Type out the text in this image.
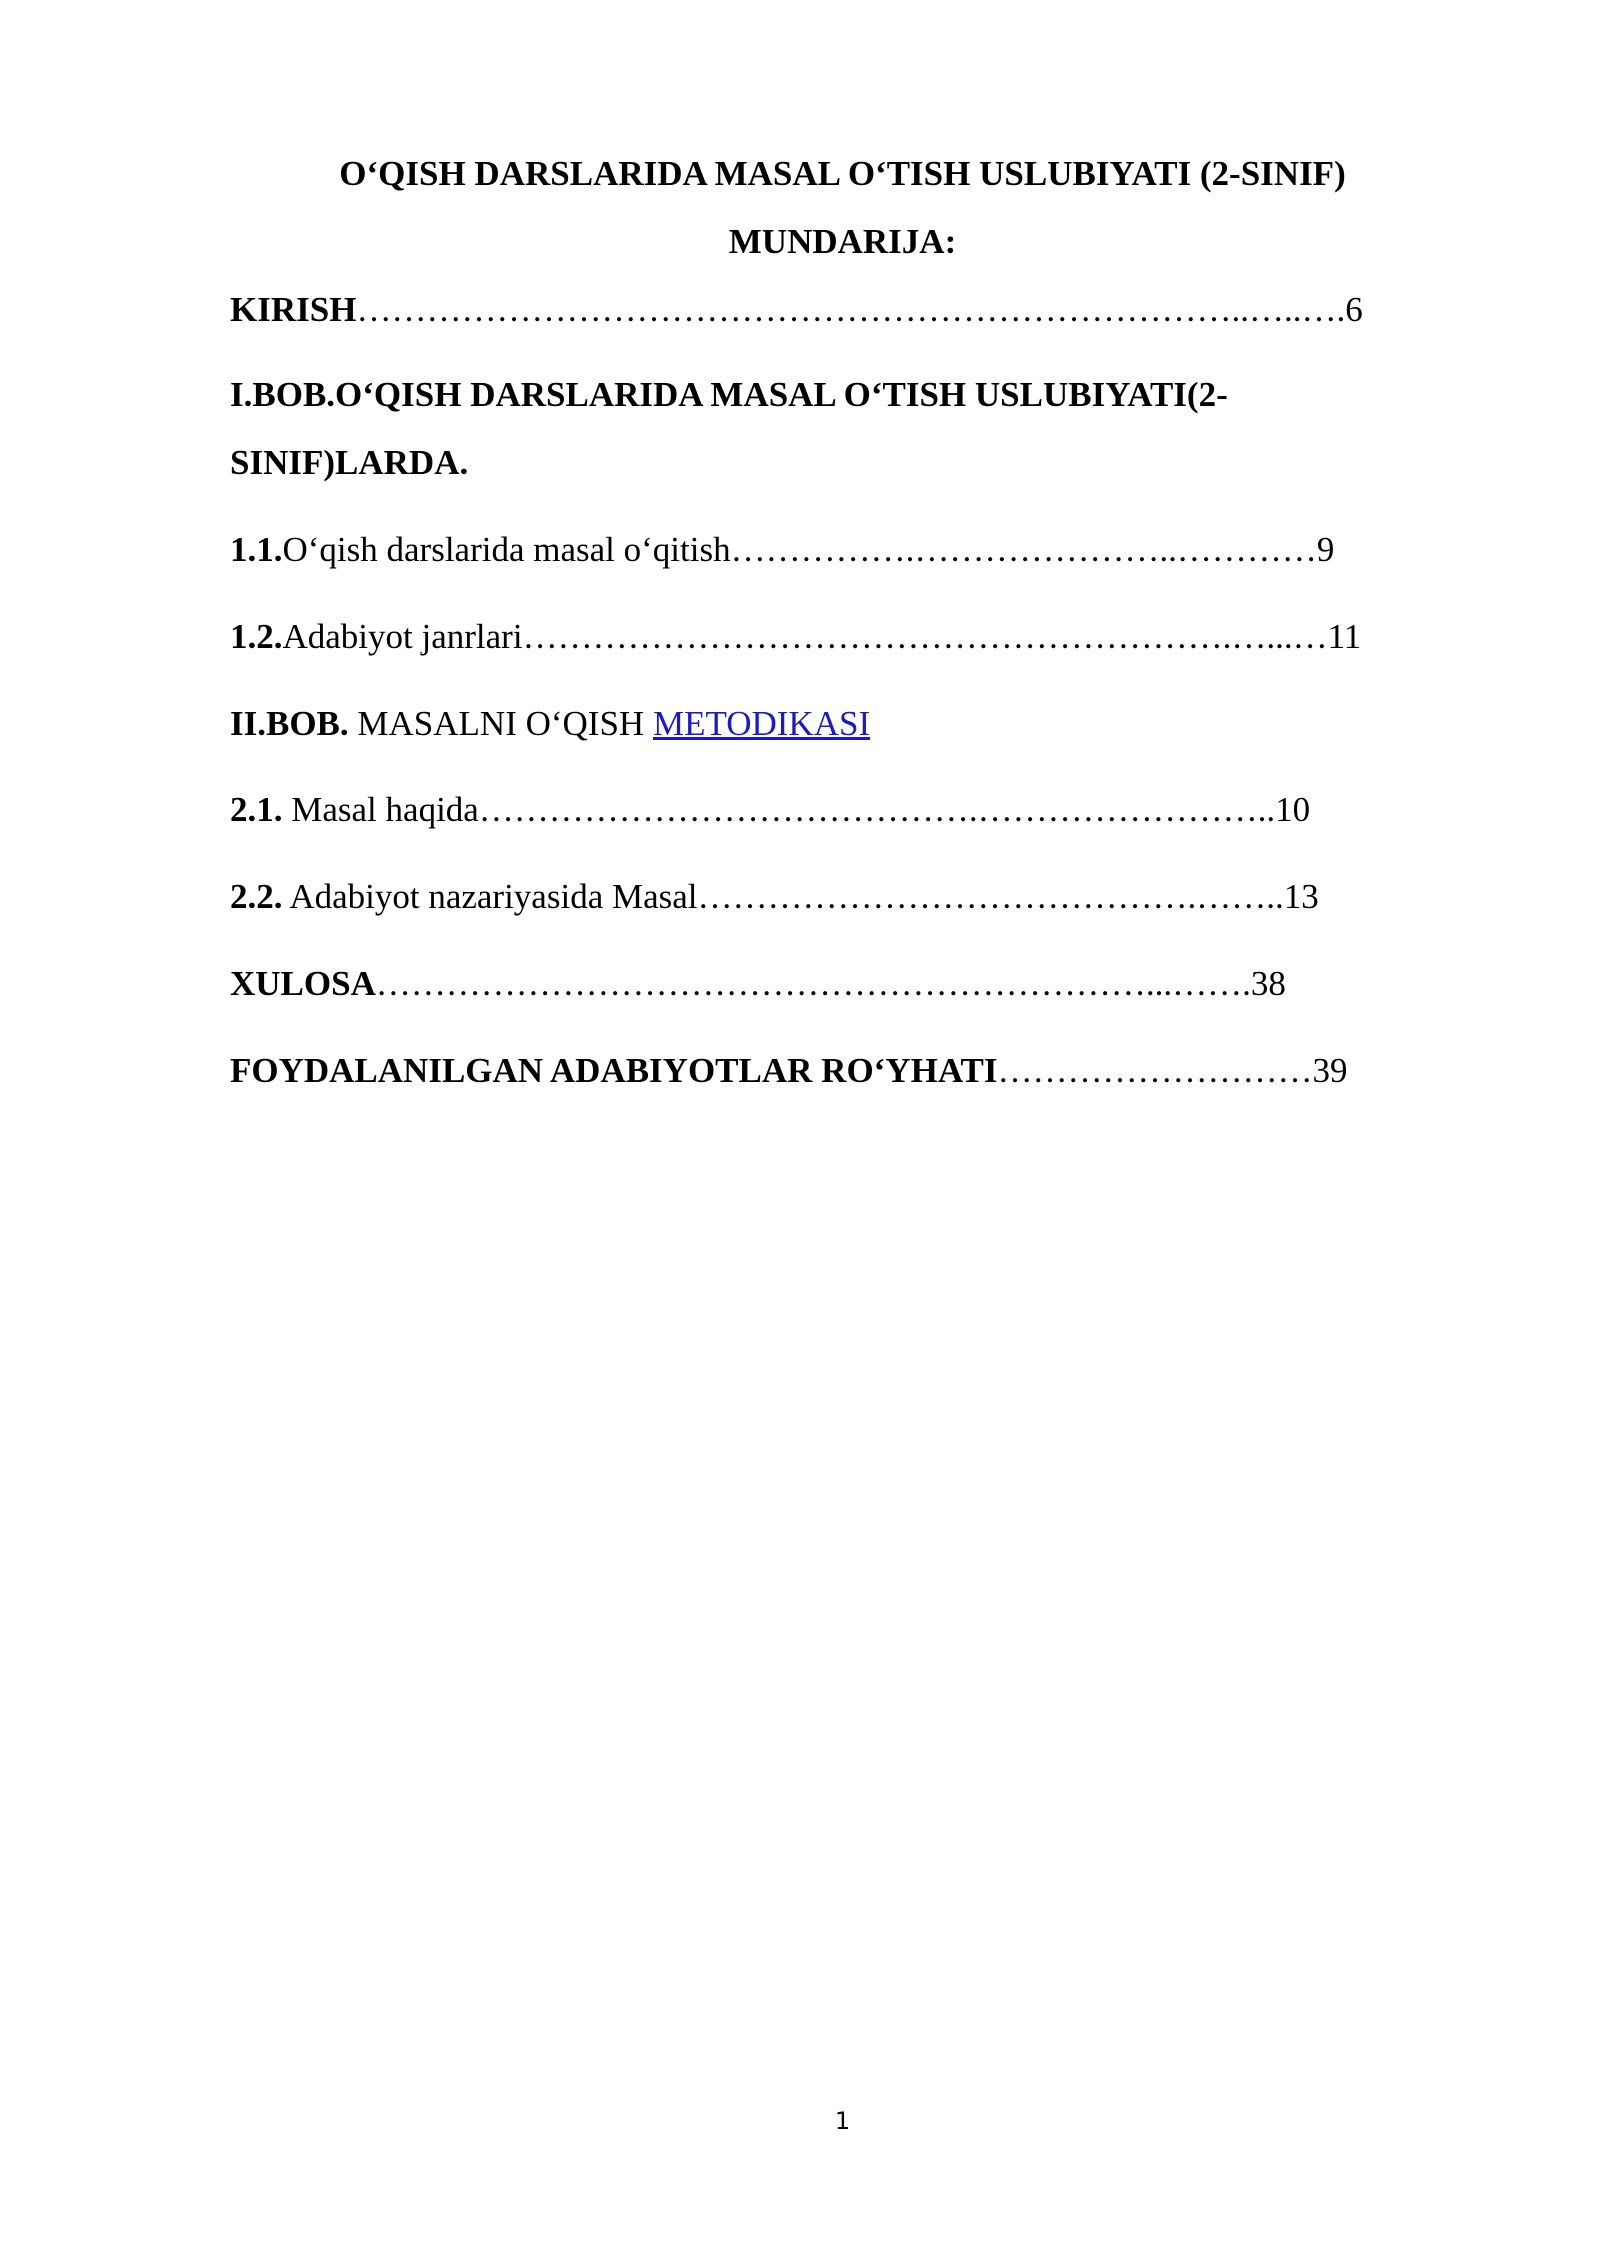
O‘QISH DARSLARIDA MASAL O‘TISH USLUBIYATI (2-SINIF)
MUNDARIJA:
KIRISH…………………………………………………………………..…..….6
I.BOB.O‘QISH DARSLARIDA MASAL O‘TISH USLUBIYATI(2-SINIF)LARDA.
1.1.O‘qish darslarida masal o‘qitish…………….…………………..…………9
1.2.Adabiyot janrlari…………………………………………………….…...…11
II.BOB. MASALNI O‘QISH METODIKASI
2.1. Masal haqida…………………………………….……………………..10
2.2. Adabiyot nazariyasida Masal…………………………………….……..13
XULOSA…………………………………………………………...…….38
FOYDALANILGAN ADABIYOTLAR RO‘YHATI………………………39
1
